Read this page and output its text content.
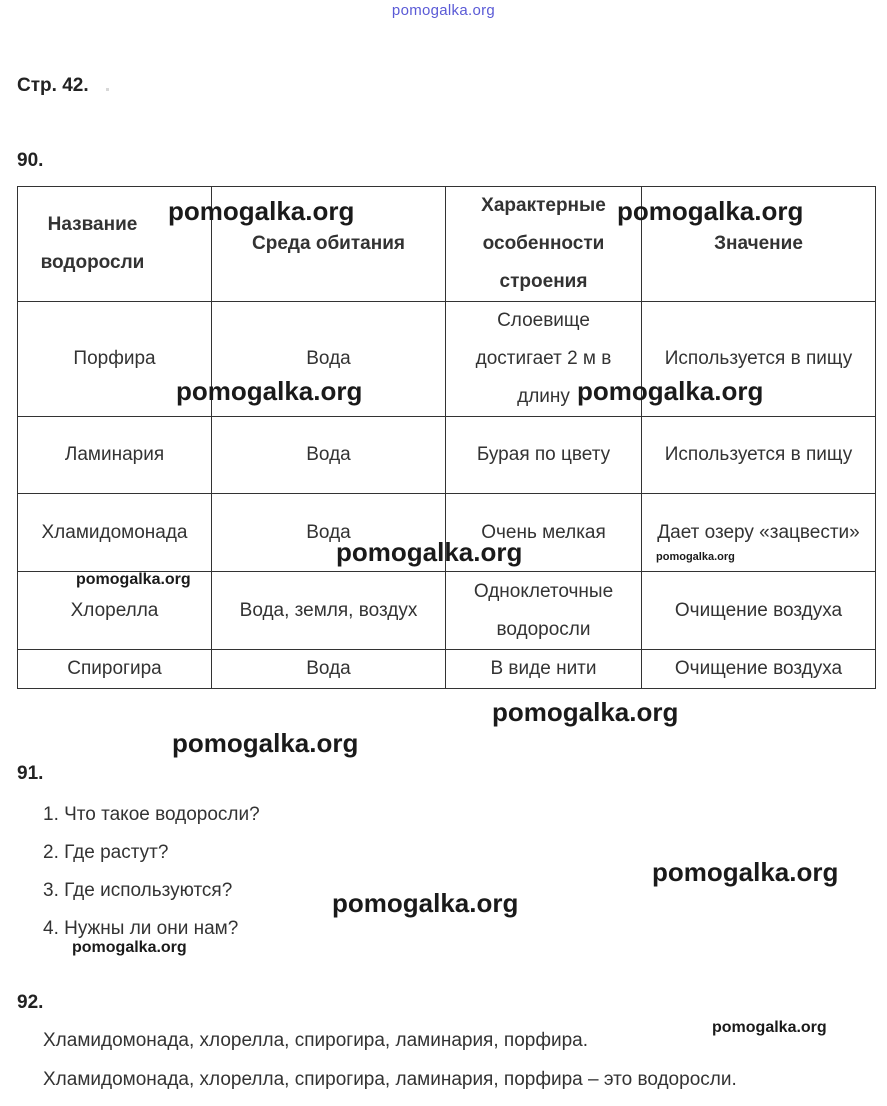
pomogalka.org
Стр. 42.
90.
Название водоросли	Среда обитания	Характерные особенности строения	Значение
Порфира	Вода	Слоевище достигает 2 м в длину	Используется в пищу
Ламинария	Вода	Бурая по цвету	Используется в пищу
Хламидомонада	Вода	Очень мелкая	Дает озеру «зацвести»
Хлорелла	Вода, земля, воздух	Одноклеточные водоросли	Очищение воздуха
Спирогира	Вода	В виде нити	Очищение воздуха
91.
1. Что такое водоросли?
2. Где растут?
3. Где используются?
4. Нужны ли они нам?
92.
Хламидомонада, хлорелла, спирогира, ламинария, порфира.
Хламидомонада, хлорелла, спирогира, ламинария, порфира – это водоросли.
pomogalka.org	pomogalka.org
pomogalka.org	pomogalka.org
pomogalka.org	pomogalka.org
pomogalka.org
pomogalka.org
pomogalka.org
pomogalka.org
pomogalka.org
pomogalka.org
pomogalka.org
